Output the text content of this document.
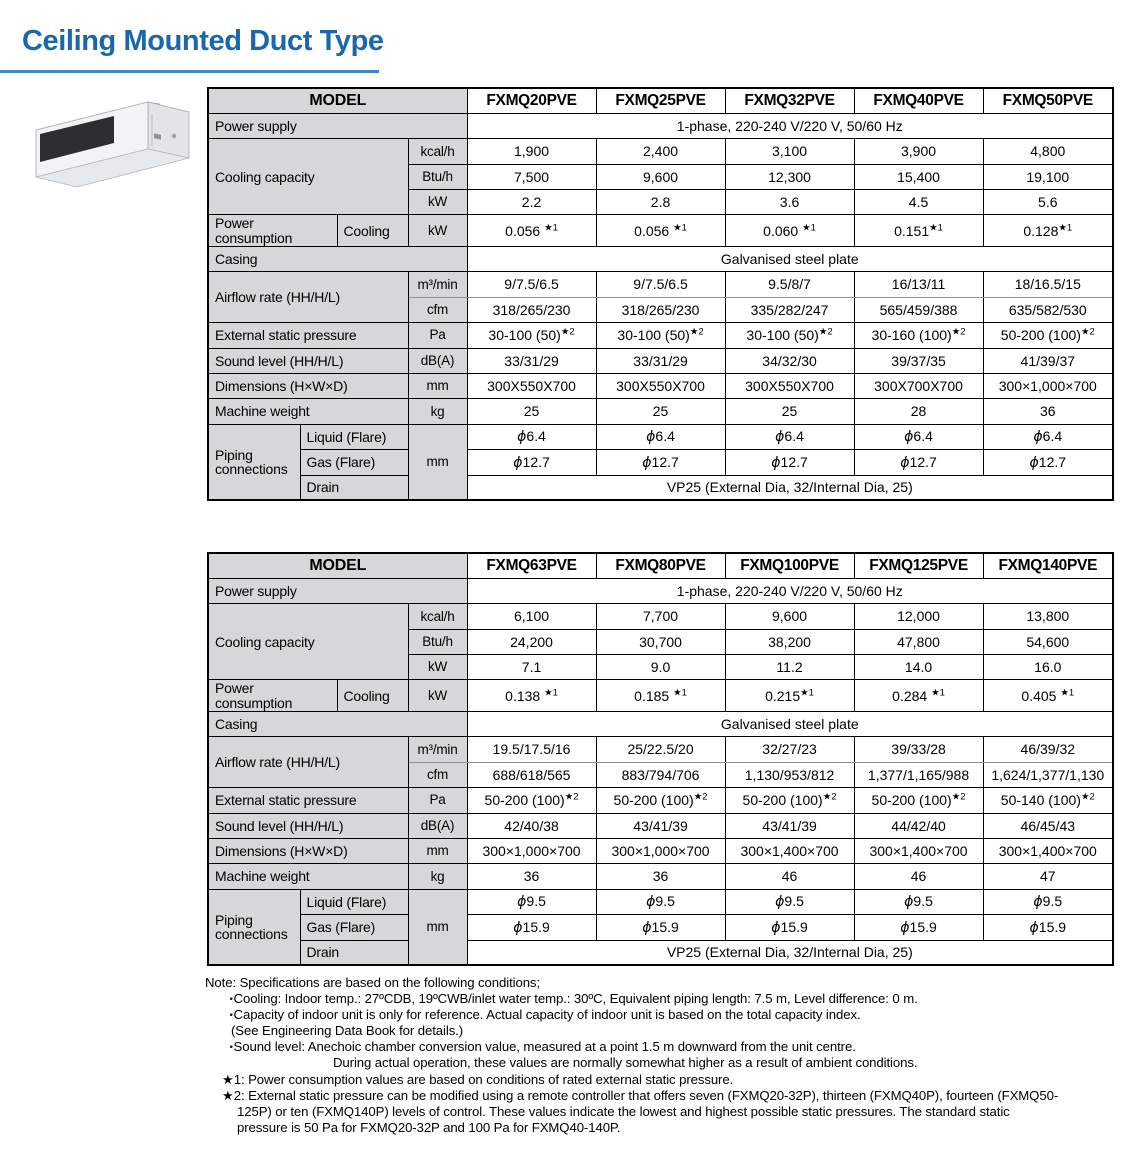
Ceiling Mounted Duct Type
MODEL				FXMQ20PVE	FXMQ25PVE	FXMQ32PVE	FXMQ40PVE	FXMQ50PVE
Power supply				1-phase, 220-240 V/220 V, 50/60 Hz				
Cooling capacity			kcal/h	1,900	2,400	3,100	3,900	4,800
			Btu/h	7,500	9,600	12,300	15,400	19,100
			kW	2.2	2.8	3.6	4.5	5.6
Power consumption		Cooling	kW	0.056 $^{★1}$	0.056 $^{★1}$	0.060 $^{★1}$	$0.151^{★1}$	$0.128^{★1}$
Casing				Galvanised steel plate				
Airflow rate (HH/H/L)			m³/min	9/7.5/6.5	9/7.5/6.5	9.5/8/7	16/13/11	18/16.5/15
			cfm	318/265/230	318/265/230	335/282/247	565/459/388	635/582/530
External static pressure			Pa	30-100 $(50)^{★2}$	30-100 $(50)^{★2}$	30-100 $(50)^{★2}$	30-160 $(100)^{★2}$	50-200 $(100)^{★2}$
Sound level (HH/H/L)			dB(A)	33/31/29	33/31/29	34/32/30	39/37/35	41/39/37
Dimensions (H×W×D)			mm	300X550X700	300X550X700	300X550X700	300X700X700	300×1,000×700
Machine weight			kg	25	25	25	28	36
Piping connections	Liquid (Flare)		mm	ϕ6.4	ϕ6.4	ϕ6.4	ϕ6.4	ϕ6.4
	Gas (Flare)			ϕ12.7	ϕ12.7	ϕ12.7	ϕ12.7	ϕ12.7
	Drain			VP25 (External Dia, 32/Internal Dia, 25)				
MODEL				FXMQ63PVE	FXMQ80PVE	FXMQ100PVE	FXMQ125PVE	FXMQ140PVE
Power supply				1-phase, 220-240 V/220 V, 50/60 Hz				
Cooling capacity			kcal/h	6,100	7,700	9,600	12,000	13,800
			Btu/h	24,200	30,700	38,200	47,800	54,600
			kW	7.1	9.0	11.2	14.0	16.0
Power consumption		Cooling	kW	0.138 $^{★1}$	0.185 $^{★1}$	$0.215^{★1}$	0.284 $^{★1}$	0.405 $^{★1}$
Casing				Galvanised steel plate				
Airflow rate (HH/H/L)			m³/min	19.5/17.5/16	25/22.5/20	32/27/23	39/33/28	46/39/32
			cfm	688/618/565	883/794/706	1,130/953/812	1,377/1,165/988	1,624/1,377/1,130
External static pressure			Pa	50-200 $(100)^{★2}$	50-200 $(100)^{★2}$	50-200 $(100)^{★2}$	50-200 $(100)^{★2}$	50-140 $(100)^{★2}$
Sound level (HH/H/L)			dB(A)	42/40/38	43/41/39	43/41/39	44/42/40	46/45/43
Dimensions (H×W×D)			mm	300×1,000×700	300×1,000×700	300×1,400×700	300×1,400×700	300×1,400×700
Machine weight			kg	36	36	46	46	47
Piping connections	Liquid (Flare)		mm	ϕ9.5	ϕ9.5	ϕ9.5	ϕ9.5	ϕ9.5
	Gas (Flare)			ϕ15.9	ϕ15.9	ϕ15.9	ϕ15.9	ϕ15.9
	Drain			VP25 (External Dia, 32/Internal Dia, 25)				
Note: Specifications are based on the following conditions;
•Cooling: Indoor temp.: 27ºCDB, 19ºCWB/inlet water temp.: 30ºC, Equivalent piping length: 7.5 m, Level difference: 0 m.
•Capacity of indoor unit is only for reference. Actual capacity of indoor unit is based on the total capacity index.
(See Engineering Data Book for details.)
•Sound level: Anechoic chamber conversion value, measured at a point 1.5 m downward from the unit centre.
During actual operation, these values are normally somewhat higher as a result of ambient conditions.
★1: Power consumption values are based on conditions of rated external static pressure.
★2: External static pressure can be modified using a remote controller that offers seven (FXMQ20-32P), thirteen (FXMQ40P), fourteen (FXMQ50-
125P) or ten (FXMQ140P) levels of control. These values indicate the lowest and highest possible static pressures. The standard static
pressure is 50 Pa for FXMQ20-32P and 100 Pa for FXMQ40-140P.
